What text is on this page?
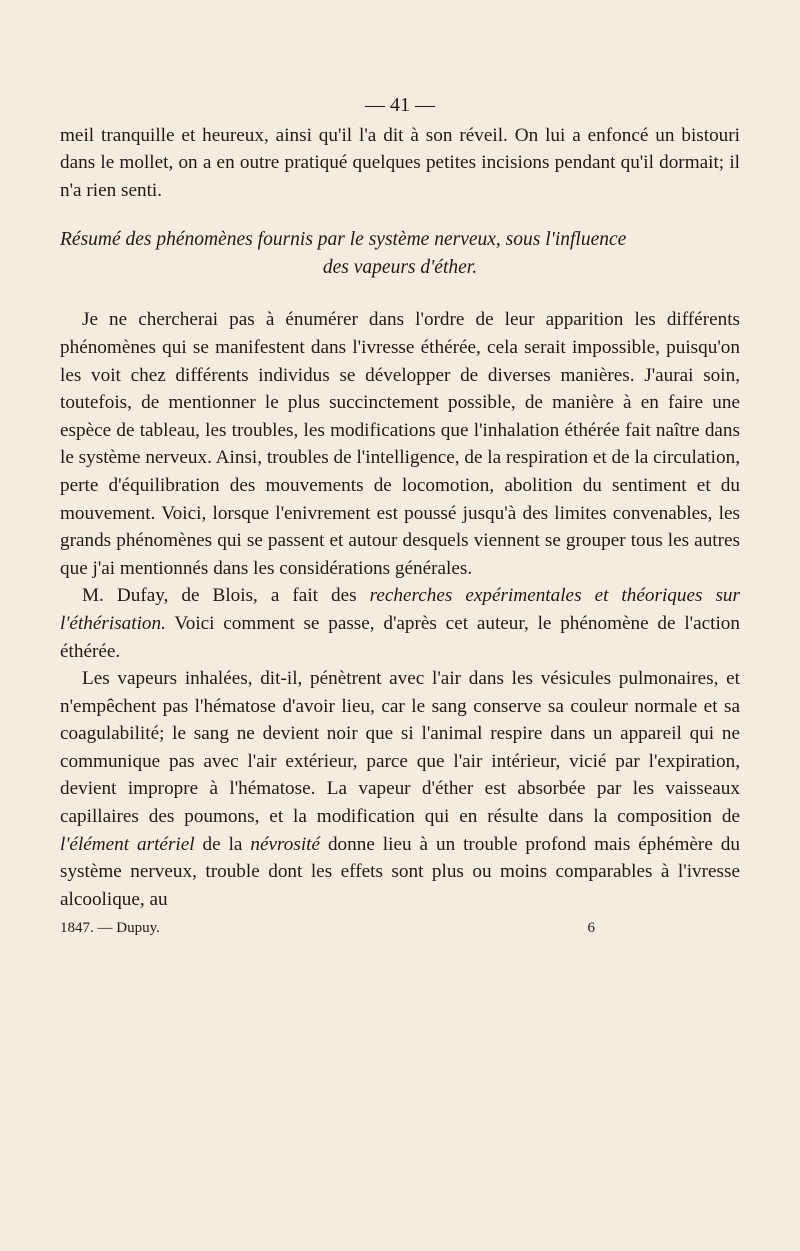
— 41 —

meil tranquille et heureux, ainsi qu'il l'a dit à son réveil. On lui a enfoncé un bistouri dans le mollet, on a en outre pratiqué quelques petites incisions pendant qu'il dormait; il n'a rien senti.

Résumé des phénomènes fournis par le système nerveux, sous l'influence
des vapeurs d'éther.

Je ne chercherai pas à énumérer dans l'ordre de leur apparition les différents phénomènes qui se manifestent dans l'ivresse éthérée, cela serait impossible, puisqu'on les voit chez différents individus se développer de diverses manières. J'aurai soin, toutefois, de mentionner le plus succinctement possible, de manière à en faire une espèce de tableau, les troubles, les modifications que l'inhalation éthérée fait naître dans le système nerveux. Ainsi, troubles de l'intelligence, de la respiration et de la circulation, perte d'équilibration des mouvements de locomotion, abolition du sentiment et du mouvement. Voici, lorsque l'enivrement est poussé jusqu'à des limites convenables, les grands phénomènes qui se passent et autour desquels viennent se grouper tous les autres que j'ai mentionnés dans les considérations générales.

M. Dufay, de Blois, a fait des recherches expérimentales et théoriques sur l'éthérisation. Voici comment se passe, d'après cet auteur, le phénomène de l'action éthérée.

Les vapeurs inhalées, dit-il, pénètrent avec l'air dans les vésicules pulmonaires, et n'empêchent pas l'hématose d'avoir lieu, car le sang conserve sa couleur normale et sa coagulabilité; le sang ne devient noir que si l'animal respire dans un appareil qui ne communique pas avec l'air extérieur, parce que l'air intérieur, vicié par l'expiration, devient impropre à l'hématose. La vapeur d'éther est absorbée par les vaisseaux capillaires des poumons, et la modification qui en résulte dans la composition de l'élément artériel de la névrosité donne lieu à un trouble profond mais éphémère du système nerveux, trouble dont les effets sont plus ou moins comparables à l'ivresse alcoolique, au

1847. — Dupuy.	6
